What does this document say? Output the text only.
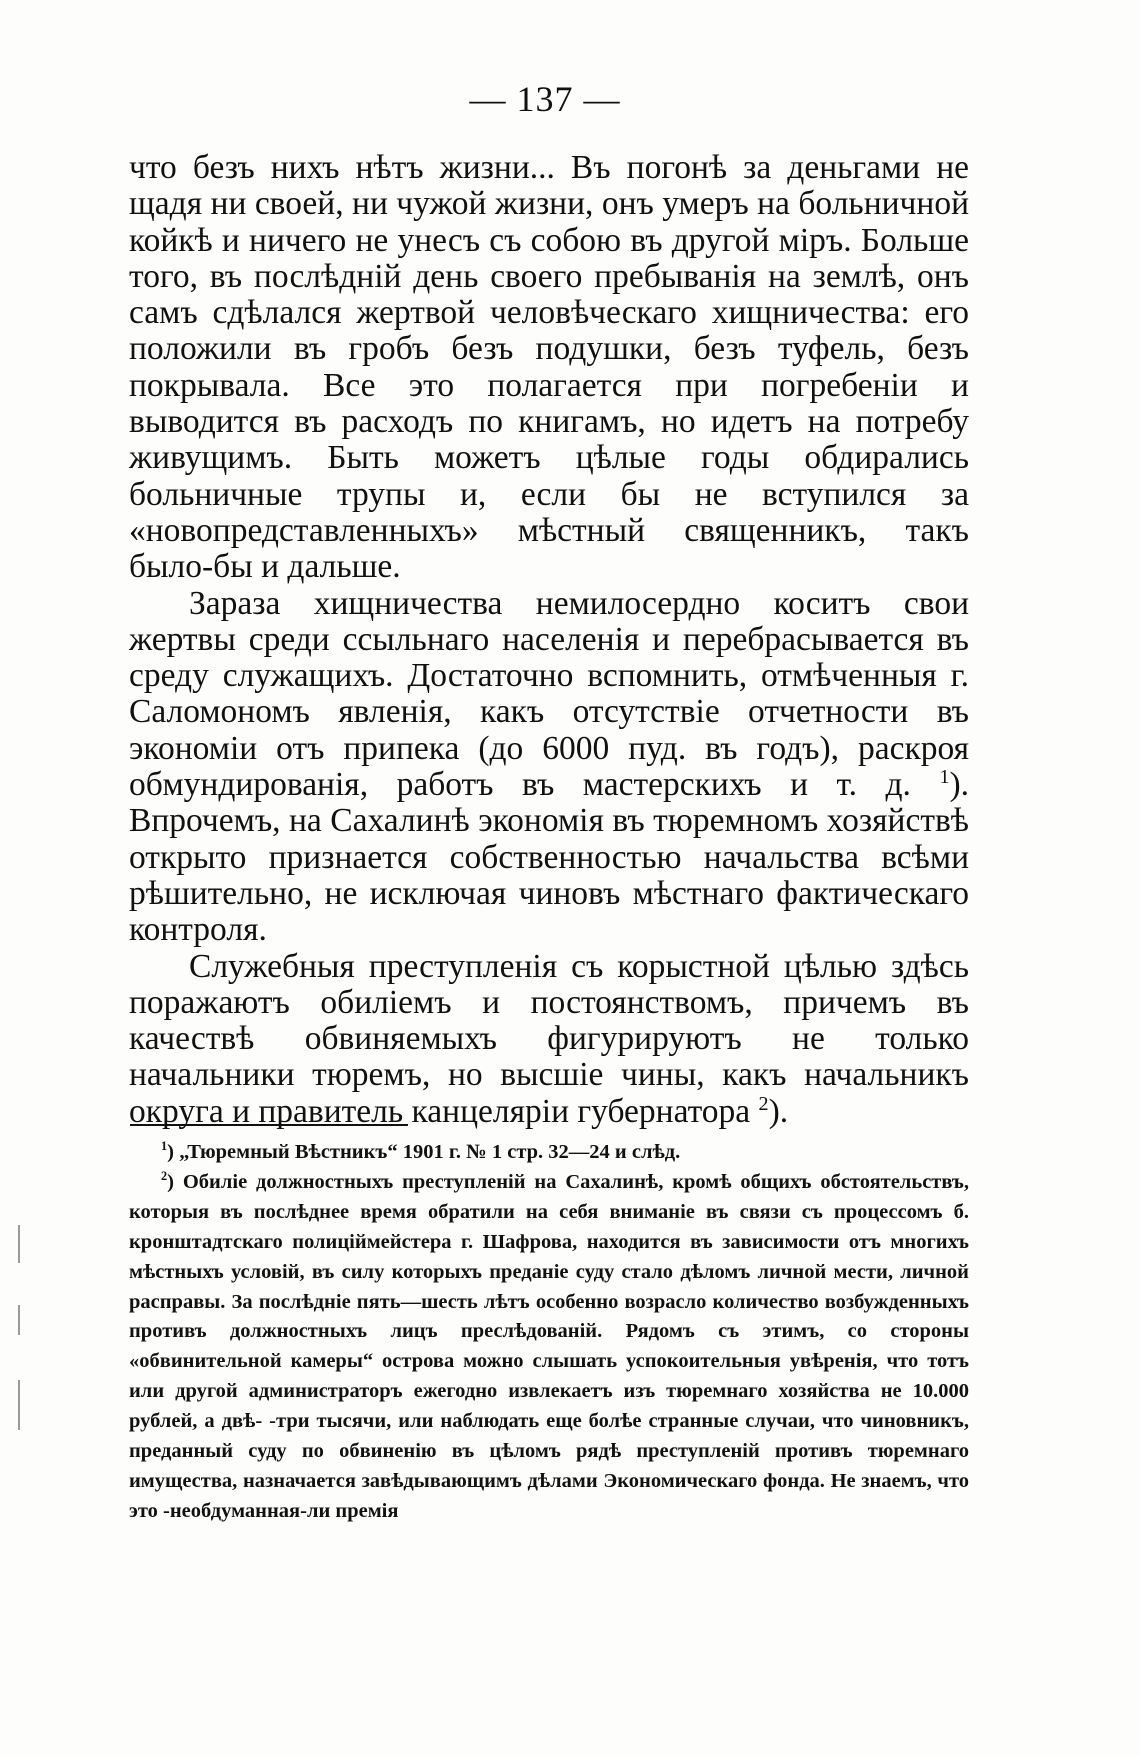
— 137 —

что безъ нихъ нѣтъ жизни... Въ погонѣ за деньгами не щадя ни своей, ни чужой жизни, онъ умеръ на больничной койкѣ и ничего не унесъ съ собою въ другой міръ. Больше того, въ послѣдній день своего пребыванія на землѣ, онъ самъ сдѣлался жертвой человѣческаго хищничества: его положили въ гробъ безъ подушки, безъ туфель, безъ покрывала. Все это полагается при погребеніи и выводится въ расходъ по книгамъ, но идетъ на потребу живущимъ. Быть можетъ цѣлые годы обдирались больничные трупы и, если бы не вступился за «новопредставленныхъ» мѣстный священникъ, такъ было-бы и дальше.

Зараза хищничества немилосердно коситъ свои жертвы среди ссыльнаго населенія и перебрасывается въ среду служащихъ. Достаточно вспомнить, отмѣченныя г. Саломономъ явленія, какъ отсутствіе отчетности въ экономіи отъ припека (до 6000 пуд. въ годъ), раскроя обмундированія, работъ въ мастерскихъ и т. д. $^1$). Впрочемъ, на Сахалинѣ экономія въ тюремномъ хозяйствѣ открыто признается собственностью начальства всѣми рѣшительно, не исключая чиновъ мѣстнаго фактическаго контроля.

Служебныя преступленія съ корыстной цѣлью здѣсь поражаютъ обиліемъ и постоянствомъ, причемъ въ качествѣ обвиняемыхъ фигурируютъ не только начальники тюремъ, но высшіе чины, какъ начальникъ округа и правитель канцеляріи губернатора $^2$).

$^1$) „Тюремный Вѣстникъ“ 1901 г. № 1 стр. 32—24 и слѣд.

$^2$) Обиліе должностныхъ преступленій на Сахалинѣ, кромѣ общихъ обстоятельствъ, которыя въ послѣднее время обратили на себя вниманіе въ связи съ процессомъ б. кронштадтскаго полиціймейстера г. Шафрова, находится въ зависимости отъ многихъ мѣстныхъ условій, въ силу которыхъ преданіе суду стало дѣломъ личной мести, личной расправы. За послѣдніе пять—шесть лѣтъ особенно возрасло количество возбужденныхъ противъ должностныхъ лицъ преслѣдованій. Рядомъ съ этимъ, со стороны «обвинительной камеры“ острова можно слышать успокоительныя увѣренія, что тотъ или другой администраторъ ежегодно извлекаетъ изъ тюремнаго хозяйства не 10.000 рублей, а двѣ- -три тысячи, или наблюдать еще болѣе странные случаи, что чиновникъ, преданный суду по обвиненію въ цѣломъ рядѣ преступленій противъ тюремнаго имущества, назначается завѣдывающимъ дѣлами Экономическаго фонда. Не знаемъ, что это -необдуманная-ли премія
